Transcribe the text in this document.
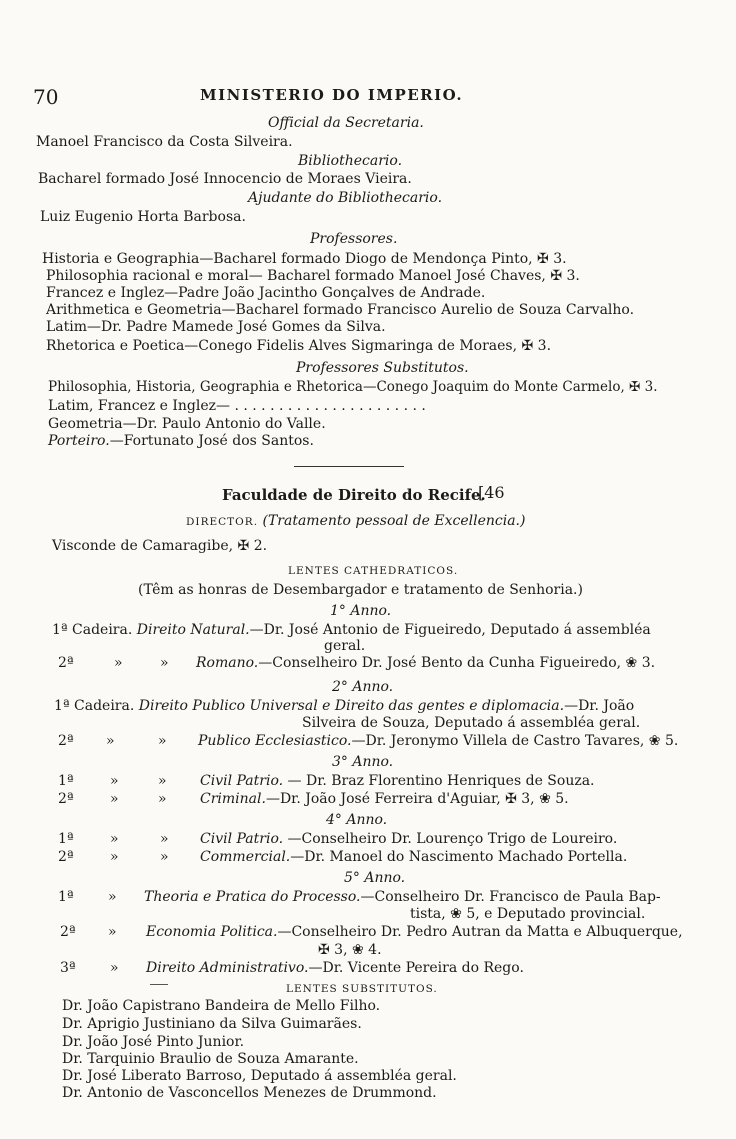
70	MINISTERIO DO IMPERIO.
Official da Secretaria.
Manoel Francisco da Costa Silveira.
Bibliothecario.
Bacharel formado José Innocencio de Moraes Vieira.
Ajudante do Bibliothecario.
Luiz Eugenio Horta Barbosa.
Professores.
Historia e Geographia—Bacharel formado Diogo de Mendonça Pinto, ✠ 3.
Philosophia racional e moral— Bacharel formado Manoel José Chaves, ✠ 3.
Francez e Inglez—Padre João Jacintho Gonçalves de Andrade.
Arithmetica e Geometria—Bacharel formado Francisco Aurelio de Souza Carvalho.
Latim—Dr. Padre Mamede José Gomes da Silva.
Rhetorica e Poetica—Conego Fidelis Alves Sigmaringa de Moraes, ✠ 3.
Professores Substitutos.
Philosophia, Historia, Geographia e Rhetorica—Conego Joaquim do Monte Carmelo, ✠ 3.
Latim, Francez e Inglez— . . . . . . . . . . . . . . . . . . . . . .
Geometria—Dr. Paulo Antonio do Valle.
Porteiro.—Fortunato José dos Santos.
Faculdade de Direito do Recife.
[46
DIRECTOR. (Tratamento pessoal de Excellencia.)
Visconde de Camaragibe, ✠ 2.
LENTES CATHEDRATICOS.
(Têm as honras de Desembargador e tratamento de Senhoria.)
1° Anno.
1ª Cadeira. Direito Natural.—Dr. José Antonio de Figueiredo, Deputado á assembléa
geral.
2ª	»	» Romano.—Conselheiro Dr. José Bento da Cunha Figueiredo, ❀ 3.
2° Anno.
1ª Cadeira. Direito Publico Universal e Direito das gentes e diplomacia.—Dr. João
Silveira de Souza, Deputado á assembléa geral.
2ª »	» Publico Ecclesiastico.—Dr. Jeronymo Villela de Castro Tavares, ❀ 5.
3° Anno.
1ª	»	» Civil Patrio. — Dr. Braz Florentino Henriques de Souza.
2ª	»	» Criminal.—Dr. João José Ferreira d'Aguiar, ✠ 3, ❀ 5.
4° Anno.
1ª	»	» Civil Patrio. —Conselheiro Dr. Lourenço Trigo de Loureiro.
2ª	»	» Commercial.—Dr. Manoel do Nascimento Machado Portella.
5° Anno.
1ª » Theoria e Pratica do Processo.—Conselheiro Dr. Francisco de Paula Bap-
tista, ❀ 5, e Deputado provincial.
2ª » Economia Politica.—Conselheiro Dr. Pedro Autran da Matta e Albuquerque,
✠ 3, ❀ 4.
3ª » Direito Administrativo.—Dr. Vicente Pereira do Rego.
LENTES SUBSTITUTOS.
Dr. João Capistrano Bandeira de Mello Filho.
Dr. Aprigio Justiniano da Silva Guimarães.
Dr. João José Pinto Junior.
Dr. Tarquinio Braulio de Souza Amarante.
Dr. José Liberato Barroso, Deputado á assembléa geral.
Dr. Antonio de Vasconcellos Menezes de Drummond.
